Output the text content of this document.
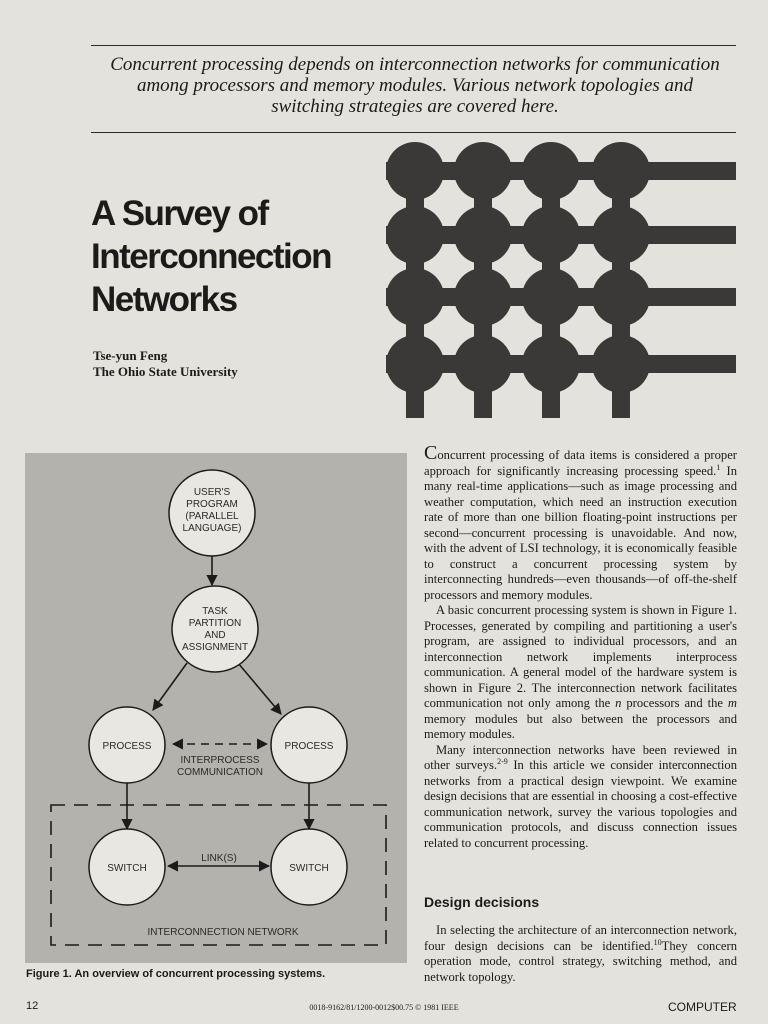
Concurrent processing depends on interconnection networks for communication among processors and memory modules. Various network topologies and switching strategies are covered here.
A Survey of Interconnection Networks
Tse-yun Feng
The Ohio State University
USER'S
PROGRAM
(PARALLEL
LANGUAGE)
TASK
PARTITION
AND
ASSIGNMENT
PROCESS	PROCESS
SWITCH	SWITCH
INTERPROCESS
COMMUNICATION
LINK(S)
INTERCONNECTION NETWORK
Figure 1. An overview of concurrent processing systems.

Concurrent processing of data items is considered a proper approach for significantly increasing processing speed.$^1$ In many real-time applications—such as image processing and weather computation, which need an instruction execution rate of more than one billion floating-point instructions per second—concurrent processing is unavoidable. And now, with the advent of LSI technology, it is economically feasible to construct a concurrent processing system by interconnecting hundreds—even thousands—of off-the-shelf processors and memory modules.

A basic concurrent processing system is shown in Figure 1. Processes, generated by compiling and partitioning a user's program, are assigned to individual processors, and an interconnection network implements interprocess communication. A general model of the hardware system is shown in Figure 2. The interconnection network facilitates communication not only among the n processors and the m memory modules but also between the processors and memory modules.

Many interconnection networks have been reviewed in other surveys.$^{2-9}$ In this article we consider interconnection networks from a practical design viewpoint. We examine design decisions that are essential in choosing a cost-effective communication network, survey the various topologies and communication protocols, and discuss connection issues related to concurrent processing.

Design decisions

In selecting the architecture of an interconnection network, four design decisions can be identified.$^{10}$They concern operation mode, control strategy, switching method, and network topology.

12	0018-9162/81/1200-0012$00.75 © 1981 IEEE	COMPUTER
